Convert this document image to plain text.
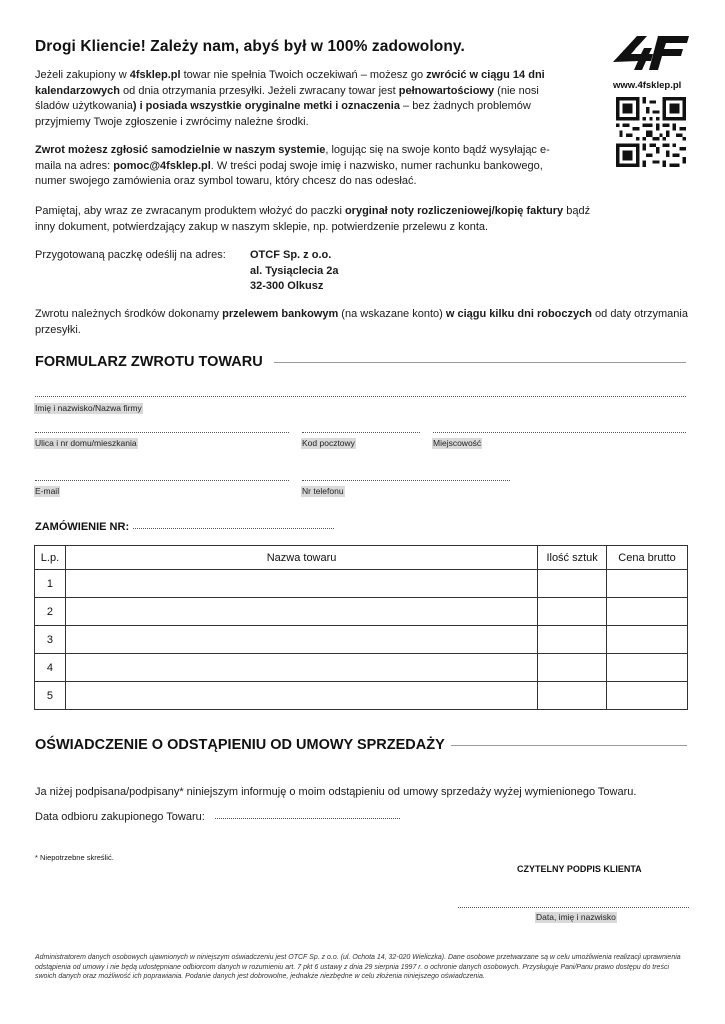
Drogi Kliencie! Zależy nam, abyś był w 100% zadowolony.
www.4fsklep.pl
Jeżeli zakupiony w 4fsklep.pl towar nie spełnia Twoich oczekiwań – możesz go zwrócić w ciągu 14 dni kalendarzowych od dnia otrzymania przesyłki. Jeżeli zwracany towar jest pełnowartościowy (nie nosi śladów użytkowania) i posiada wszystkie oryginalne metki i oznaczenia – bez żadnych problemów przyjmiemy Twoje zgłoszenie i zwrócimy należne środki.
Zwrot możesz zgłosić samodzielnie w naszym systemie, logując się na swoje konto bądź wysyłając e-maila na adres: pomoc@4fsklep.pl. W treści podaj swoje imię i nazwisko, numer rachunku bankowego, numer swojego zamówienia oraz symbol towaru, który chcesz do nas odesłać.
Pamiętaj, aby wraz ze zwracanym produktem włożyć do paczki oryginał noty rozliczeniowej/kopię faktury bądź inny dokument, potwierdzający zakup w naszym sklepie, np. potwierdzenie przelewu z konta.
Przygotowaną paczkę odeślij na adres: OTCF Sp. z o.o.
al. Tysiąclecia 2a
32-300 Olkusz
Zwrotu należnych środków dokonamy przelewem bankowym (na wskazane konto) w ciągu kilku dni roboczych od daty otrzymania przesyłki.
FORMULARZ ZWROTU TOWARU
Imię i nazwisko/Nazwa firmy
Ulica i nr domu/mieszkania	Kod pocztowy	Miejscowość
E-mail	Nr telefonu
ZAMÓWIENIE NR:
L.p.	Nazwa towaru	Ilość sztuk	Cena brutto
1			
2			
3			
4			
5			
OŚWIADCZENIE O ODSTĄPIENIU OD UMOWY SPRZEDAŻY
Ja niżej podpisana/podpisany* niniejszym informuję o moim odstąpieniu od umowy sprzedaży wyżej wymienionego Towaru.
Data odbioru zakupionego Towaru:
* Niepotrzebne skreślić.
CZYTELNY PODPIS KLIENTA
Data, imię i nazwisko
Administratorem danych osobowych ujawnionych w niniejszym oświadczeniu jest OTCF Sp. z o.o. (ul. Ochota 14, 32-020 Wieliczka). Dane osobowe przetwarzane są w celu umożliwienia realizacji uprawnienia odstąpienia od umowy i nie będą udostępniane odbiorcom danych w rozumieniu art. 7 pkt 6 ustawy z dnia 29 sierpnia 1997 r. o ochronie danych osobowych. Przysługuje Pani/Panu prawo dostępu do treści swoich danych oraz możliwość ich poprawiania. Podanie danych jest dobrowolne, jednakże niezbędne w celu złożenia niniejszego oświadczenia.
